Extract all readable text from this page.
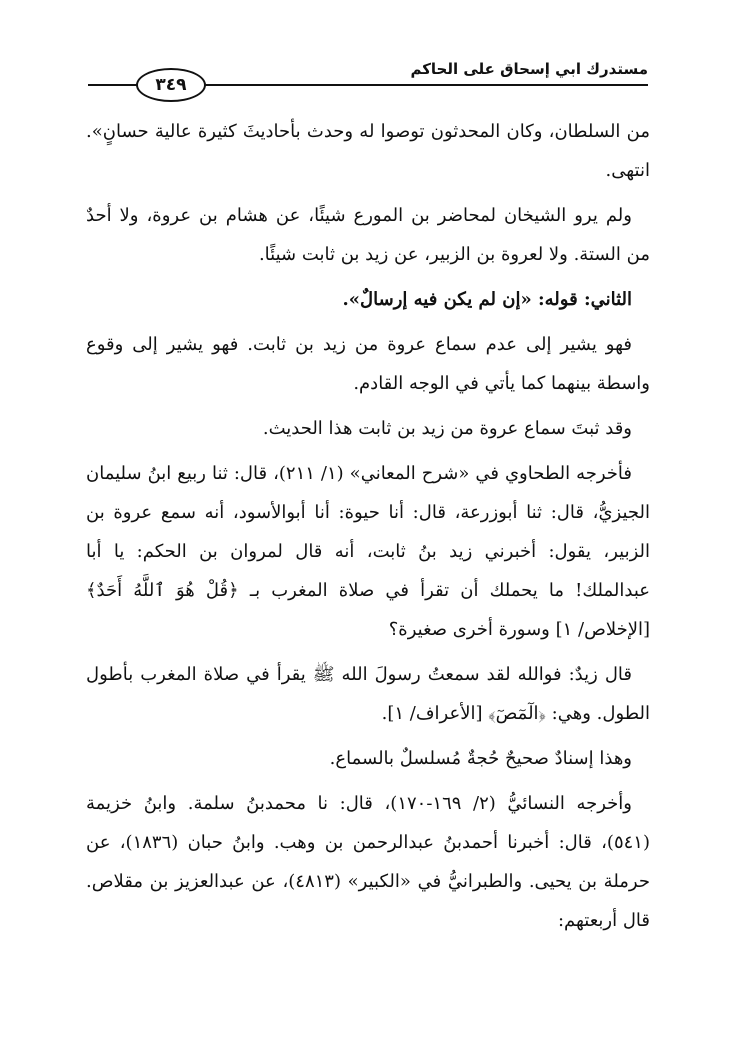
مستدرك ابي إسحاق على الحاكم
٣٤٩

من السلطان، وكان المحدثون توصوا له وحدث بأحاديثَ كثيرة عالية حسانٍ». انتهى.

ولم يرو الشيخان لمحاضر بن المورع شيئًا، عن هشام بن عروة، ولا أحدٌ من الستة. ولا لعروة بن الزبير، عن زيد بن ثابت شيئًا.

الثاني: قوله: «إن لم يكن فيه إرسالٌ».

فهو يشير إلى عدم سماع عروة من زيد بن ثابت. فهو يشير إلى وقوع واسطة بينهما كما يأتي في الوجه القادم.

وقد ثبتَ سماع عروة من زيد بن ثابت هذا الحديث.

فأخرجه الطحاوي في «شرح المعاني» (١/ ٢١١)، قال: ثنا ربيع ابنُ سليمان الجيزيُّ، قال: ثنا أبوزرعة، قال: أنا حيوة: أنا أبوالأسود، أنه سمع عروة بن الزبير، يقول: أخبرني زيد بنُ ثابت، أنه قال لمروان بن الحكم: يا أبا عبدالملك! ما يحملك أن تقرأ في صلاة المغرب بـ ﴿قُلْ هُوَ ٱللَّهُ أَحَدٌ﴾ [الإخلاص/ ١] وسورة أخرى صغيرة؟

قال زيدٌ: فوالله لقد سمعتُ رسولَ الله ﷺ يقرأ في صلاة المغرب بأطول الطول. وهي: ﴿الٓمٓصٓ﴾ [الأعراف/ ١].

وهذا إسنادٌ صحيحٌ حُجةٌ مُسلسلٌ بالسماع.

وأخرجه النسائيُّ (٢/ ١٦٩-١٧٠)، قال: نا محمدبنُ سلمة. وابنُ خزيمة (٥٤١)، قال: أخبرنا أحمدبنُ عبدالرحمن بن وهب. وابنُ حبان (١٨٣٦)، عن حرملة بن يحيى. والطبرانيُّ في «الكبير» (٤٨١٣)، عن عبدالعزيز بن مقلاص. قال أربعتهم:
